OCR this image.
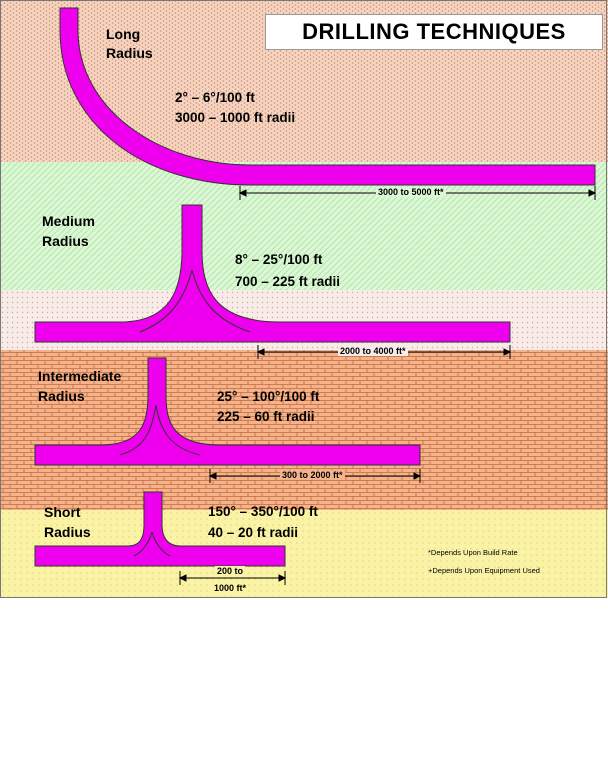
DRILLING TECHNIQUES
Long
Radius
2° – 6°/100 ft
3000 – 1000 ft radii
3000 to 5000 ft*
Medium
Radius
8° – 25°/100 ft
700 – 225 ft radii
2000 to 4000 ft*
Intermediate
Radius	25° – 100°/100 ft
225 – 60 ft radii
300 to 2000 ft*
Short
Radius
150° – 350°/100 ft
40 – 20 ft radii
200 to
1000 ft*
*Depends Upon Build Rate
+Depends Upon Equipment Used
